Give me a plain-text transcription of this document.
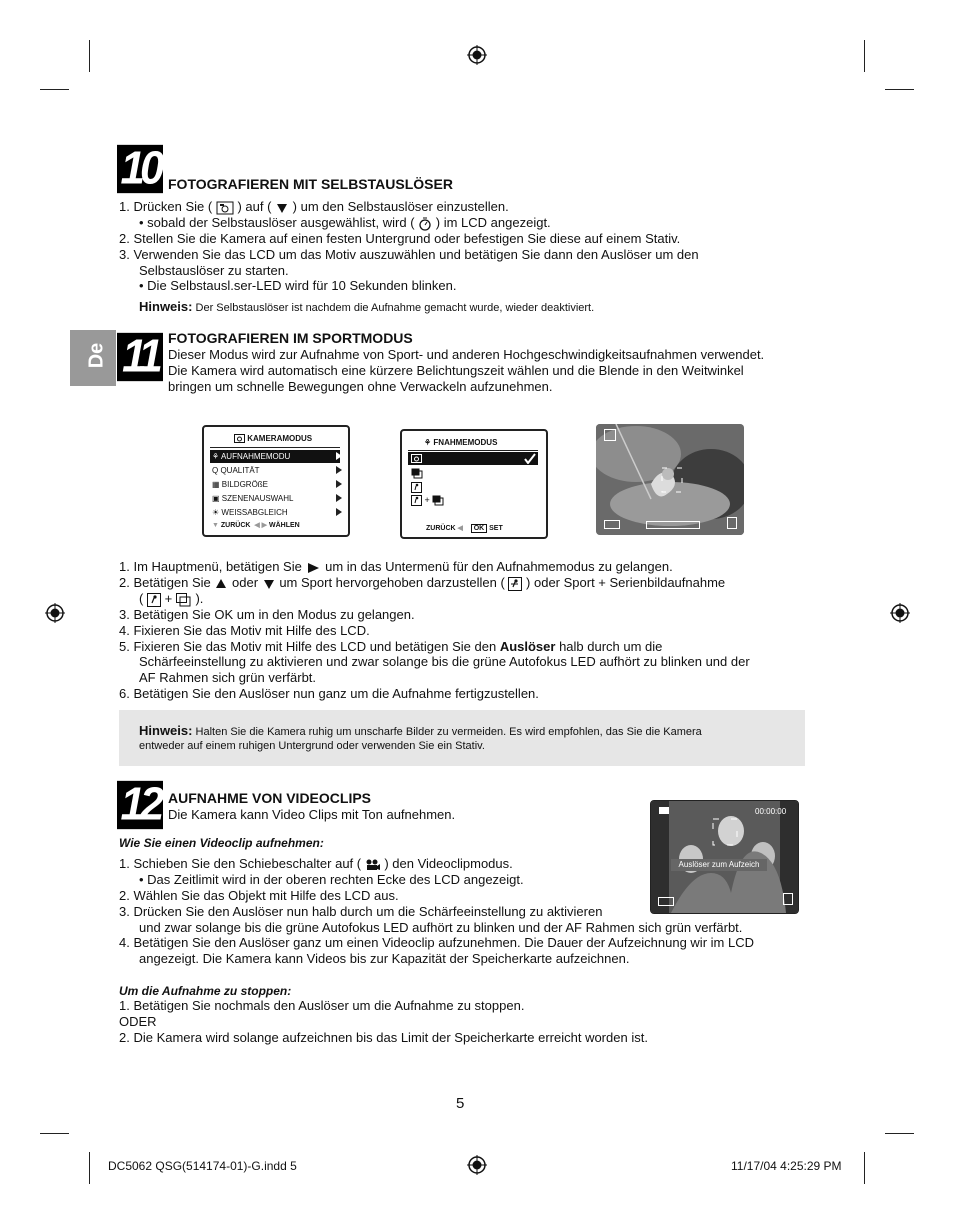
10 FOTOGRAFIEREN MIT SELBSTAUSLÖSER
1. Drücken Sie ( ) auf ( ) um den Selbstauslöser einzustellen.
• sobald der Selbstauslöser ausgewählist, wird ( ) im LCD angezeigt.
2. Stellen Sie die Kamera auf einen festen Untergrund oder befestigen Sie diese auf einem Stativ.
3. Verwenden Sie das LCD um das Motiv auszuwählen und betätigen Sie dann den Auslöser um den
Selbstauslöser zu starten.
• Die Selbstausl.ser-LED wird für 10 Sekunden blinken.
Hinweis: Der Selbstauslöser ist nachdem die Aufnahme gemacht wurde, wieder deaktiviert.
De 11 FOTOGRAFIEREN IM SPORTMODUS
Dieser Modus wird zur Aufnahme von Sport- und anderen Hochgeschwindigkeitsaufnahmen verwendet.
Die Kamera wird automatisch eine kürzere Belichtungszeit wählen und die Blende in den Weitwinkel
bringen um schnelle Bewegungen ohne Verwackeln aufzunehmen.
KAMERAMODUS
⚘ AUFNAHMEMODU
Q QUALITÄT
▦ BILDGRÖßE
▣ SZENENAUSWAHL
☀ WEISSABGLEICH
▼ ZURÜCK  ◀ ▶ WÄHLEN
⚘ FNAHMEMODUS
+
ZURÜCK ◀    OK SET
1. Im Hauptmenü, betätigen Sie um in das Untermenü für den Aufnahmemodus zu gelangen.
2. Betätigen Sie oder um Sport hervorgehoben darzustellen ( ) oder Sport + Serienbildaufnahme
( + ).
3. Betätigen Sie OK um in den Modus zu gelangen.
4. Fixieren Sie das Motiv mit Hilfe des LCD.
5. Fixieren Sie das Motiv mit Hilfe des LCD und betätigen Sie den Auslöser halb durch um die
Schärfeeinstellung zu aktivieren und zwar solange bis die grüne Autofokus LED aufhört zu blinken und der
AF Rahmen sich grün verfärbt.
6. Betätigen Sie den Auslöser nun ganz um die Aufnahme fertigzustellen.
Hinweis: Halten Sie die Kamera ruhig um unscharfe Bilder zu vermeiden. Es wird empfohlen, das Sie die Kamera
entweder auf einem ruhigen Untergrund oder verwenden Sie ein Stativ.
12 AUFNAHME VON VIDEOCLIPS
Die Kamera kann Video Clips mit Ton aufnehmen.
Wie Sie einen Videoclip aufnehmen:
1. Schieben Sie den Schiebeschalter auf ( ) den Videoclipmodus.
• Das Zeitlimit wird in der oberen rechten Ecke des LCD angezeigt.
2. Wählen Sie das Objekt mit Hilfe des LCD aus.
3. Drücken Sie den Auslöser nun halb durch um die Schärfeeinstellung zu aktivieren
und zwar solange bis die grüne Autofokus LED aufhört zu blinken und der AF Rahmen sich grün verfärbt.
4. Betätigen Sie den Auslöser ganz um einen Videoclip aufzunehmen. Die Dauer der Aufzeichnung wir im LCD
angezeigt. Die Kamera kann Videos bis zur Kapazität der Speicherkarte aufzeichnen.
Um die Aufnahme zu stoppen:
1. Betätigen Sie nochmals den Auslöser um die Aufnahme zu stoppen.
ODER
2. Die Kamera wird solange aufzeichnen bis das Limit der Speicherkarte erreicht worden ist.
00:00:00
Auslöser zum Aufzeich
5
DC5062 QSG(514174-01)-G.indd 5	11/17/04 4:25:29 PM
